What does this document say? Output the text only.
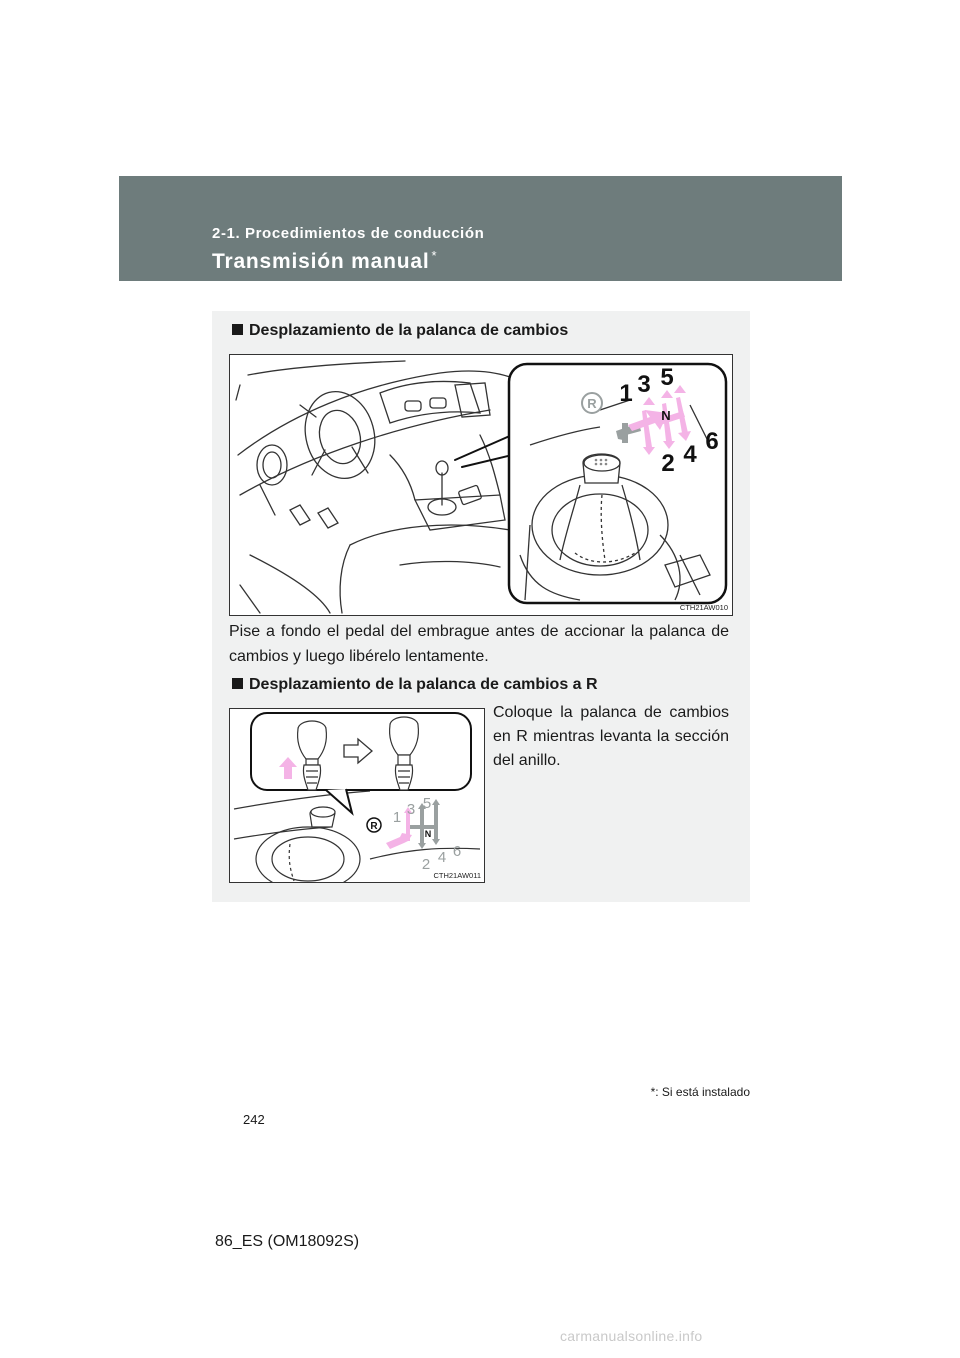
2-1. Procedimientos de conducción
Transmisión manual *
Desplazamiento de la palanca de cambios
R 1 3 5
N
2 4 6
CTH21AW010
Pise a fondo el pedal del embrague antes de accionar la palanca de cambios y luego libérelo lentamente.
Desplazamiento de la palanca de cambios a R
R
1 3 5
N
2 4 6
CTH21AW011
Coloque la palanca de cambios en R mientras levanta la sección del anillo.
*: Si está instalado
242
86_ES (OM18092S)
carmanualsonline.info
